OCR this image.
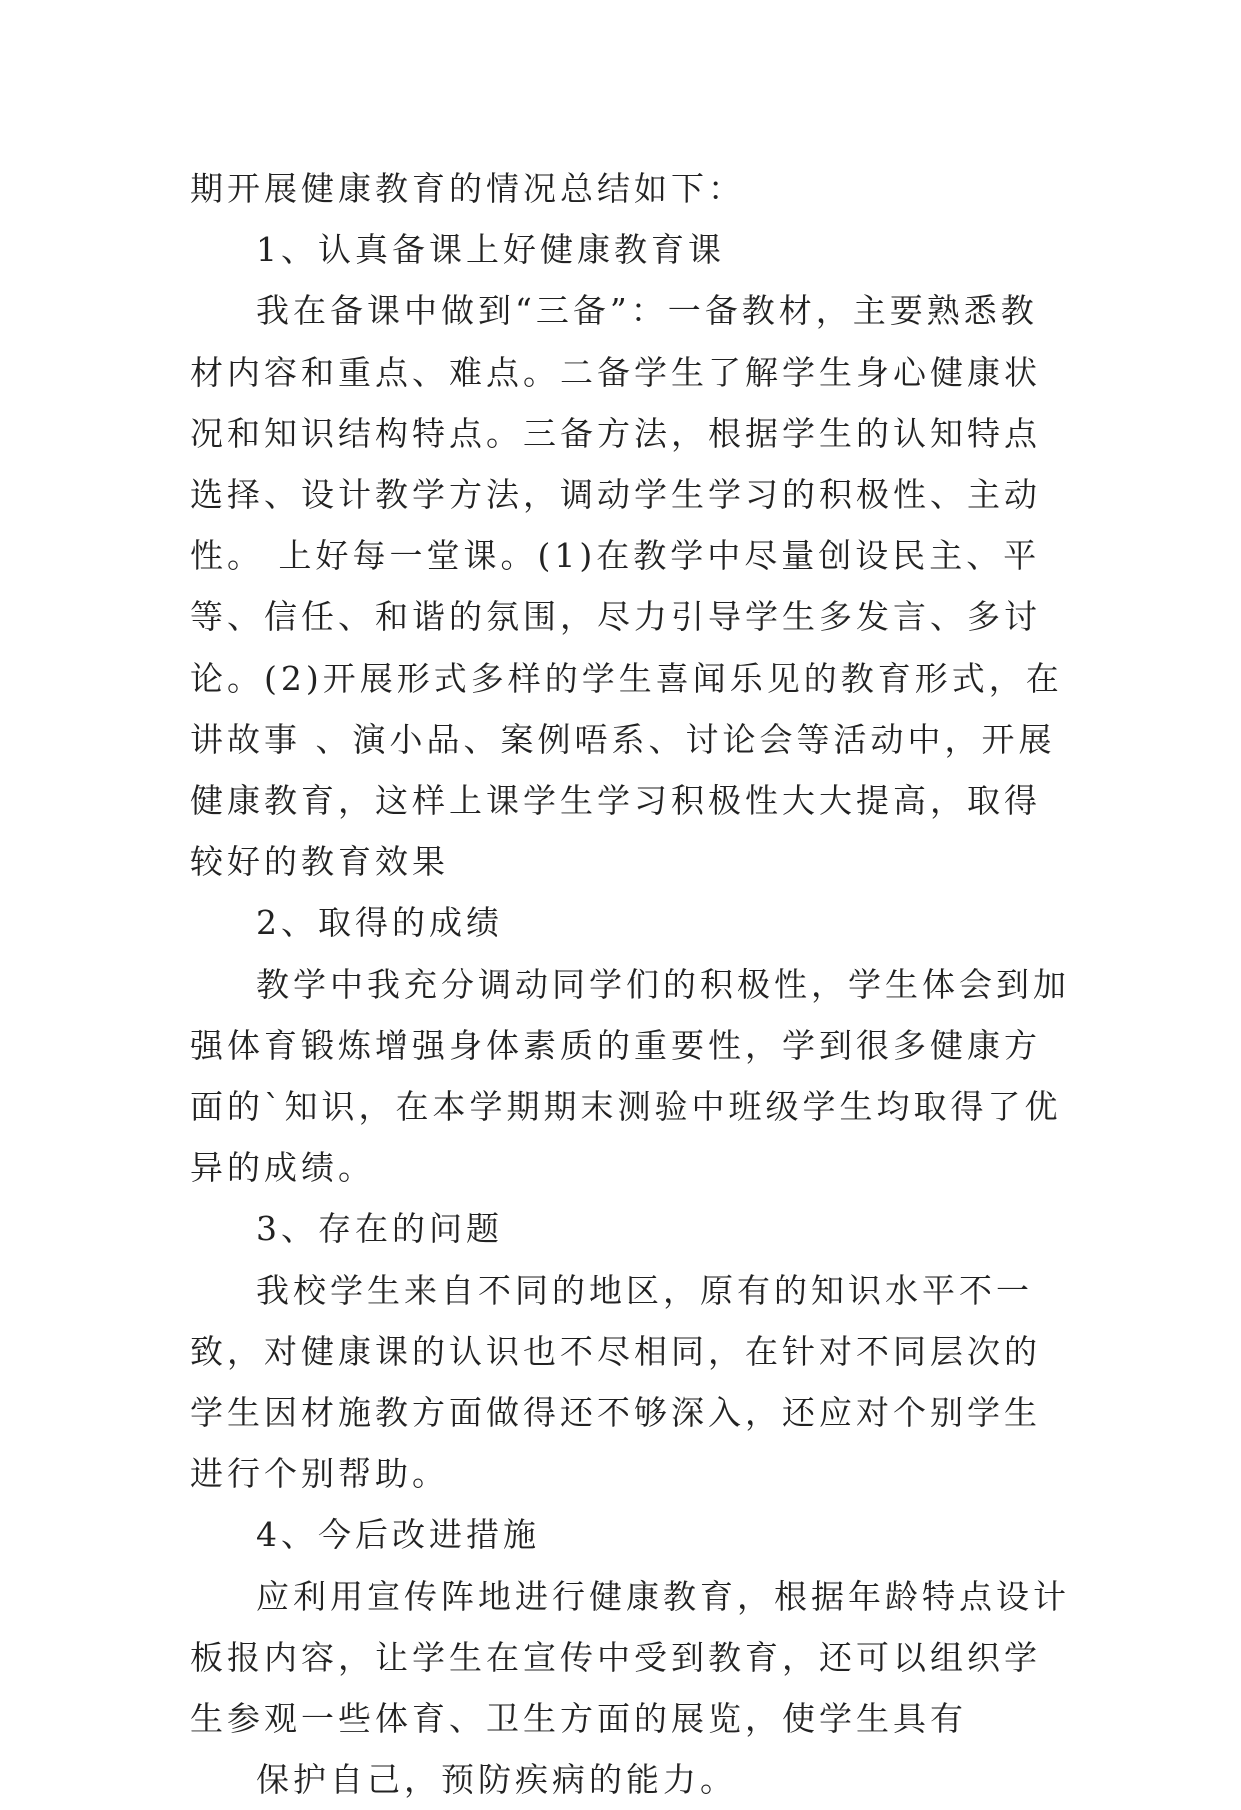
期开展健康教育的情况总结如下：

1、认真备课上好健康教育课

我在备课中做到“三备”：一备教材，主要熟悉教材内容和重点、难点。二备学生了解学生身心健康状况和知识结构特点。三备方法，根据学生的认知特点选择、设计教学方法，调动学生学习的积极性、主动性。 上好每一堂课。(1)在教学中尽量创设民主、平等、信任、和谐的氛围，尽力引导学生多发言、多讨论。(2)开展形式多样的学生喜闻乐见的教育形式，在讲故事 、演小品、案例唔系、讨论会等活动中，开展健康教育，这样上课学生学习积极性大大提高，取得较好的教育效果

2、取得的成绩

教学中我充分调动同学们的积极性，学生体会到加强体育锻炼增强身体素质的重要性，学到很多健康方面的`知识，在本学期期末测验中班级学生均取得了优异的成绩。

3、存在的问题

我校学生来自不同的地区，原有的知识水平不一致，对健康课的认识也不尽相同，在针对不同层次的学生因材施教方面做得还不够深入，还应对个别学生进行个别帮助。

4、今后改进措施

应利用宣传阵地进行健康教育，根据年龄特点设计板报内容，让学生在宣传中受到教育，还可以组织学生参观一些体育、卫生方面的展览，使学生具有

保护自己，预防疾病的能力。
